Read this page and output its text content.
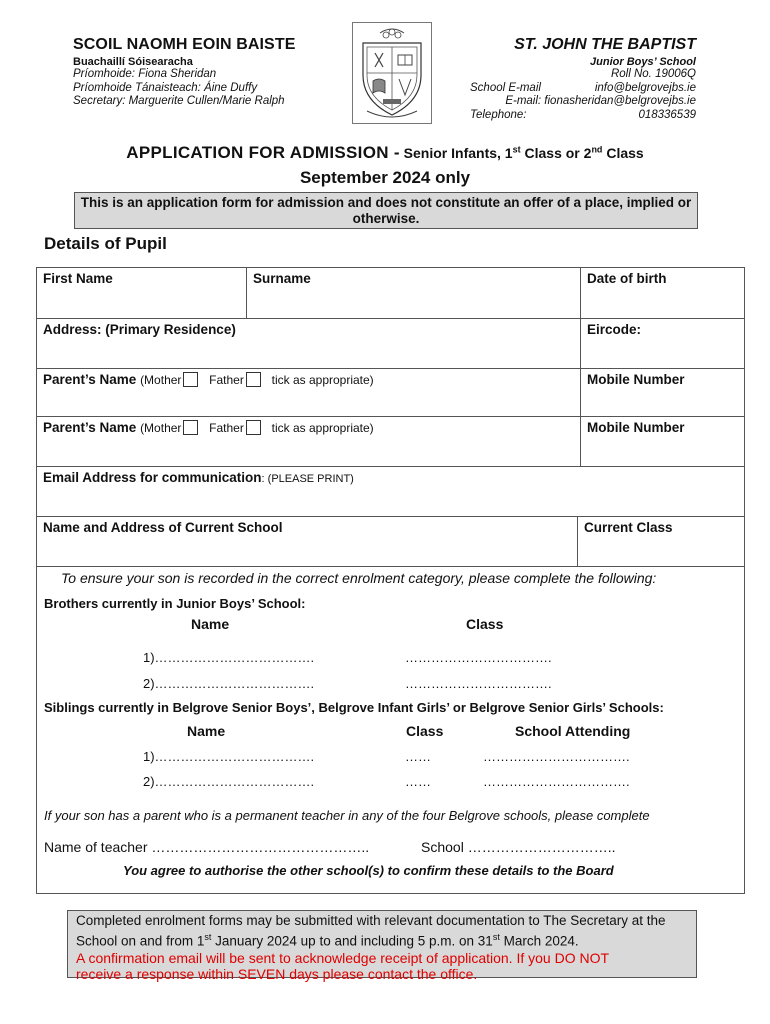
SCOIL NAOMH EOIN BAISTE
Buachaillí Sóisearacha
Príomhoide: Fiona Sheridan
Príomhoide Tánaisteach: Áine Duffy
Secretary: Marguerite Cullen/Marie Ralph
ST. JOHN THE BAPTIST
Junior Boys’ School
Roll No. 19006Q
School E-mail	info@belgrovejbs.ie
E-mail: fionasheridan@belgrovejbs.ie
Telephone:	018336539
APPLICATION FOR ADMISSION - Senior Infants, 1st Class or 2nd Class
September 2024 only
This is an application form for admission and does not constitute an offer of a place, implied or otherwise.
Details of Pupil
First Name	Surname	Date of birth
Address: (Primary Residence)	Eircode:
Parent’s Name (Mother Father tick as appropriate)	Mobile Number
Parent’s Name (Mother Father tick as appropriate)	Mobile Number
Email Address for communication: (PLEASE PRINT)
Name and Address of Current School	Current Class
To ensure your son is recorded in the correct enrolment category, please complete the following:
Brothers currently in Junior Boys’ School:
Name	Class
1)……………………………….	…………………………….
2)……………………………….	…………………………….
Siblings currently in Belgrove Senior Boys’, Belgrove Infant Girls’ or Belgrove Senior Girls’ Schools:
Name	Class	School Attending
1)……………………………….	……	…………………………….
2)……………………………….	……	…………………………….
If your son has a parent who is a permanent teacher in any of the four Belgrove schools, please complete
Name of teacher ………………………………………..	School …………………………..
You agree to authorise the other school(s) to confirm these details to the Board
Completed enrolment forms may be submitted with relevant documentation to The Secretary at the
School on and from 1st January 2024 up to and including 5 p.m. on 31st March 2024.
A confirmation email will be sent to acknowledge receipt of application. If you DO NOT
receive a response within SEVEN days please contact the office.
